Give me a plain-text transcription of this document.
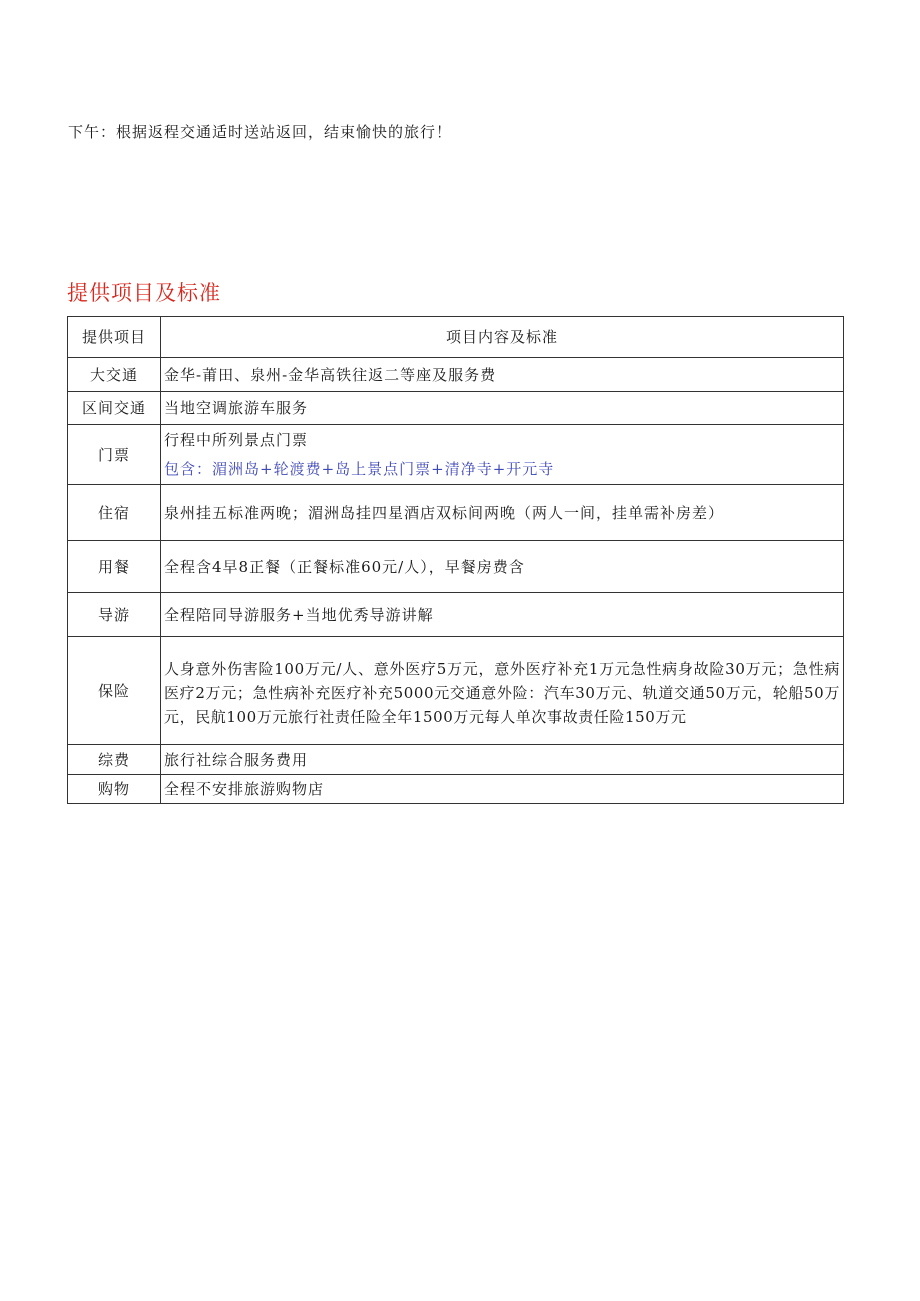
下午：根据返程交通适时送站返回，结束愉快的旅行！
提供项目及标准
提供项目	项目内容及标准
大交通	金华-莆田、泉州-金华高铁往返二等座及服务费
区间交通	当地空调旅游车服务
门票	行程中所列景点门票
包含：湄洲岛+轮渡费+岛上景点门票+清净寺+开元寺

住宿	泉州挂五标准两晚；湄洲岛挂四星酒店双标间两晚（两人一间，挂单需补房差）
用餐	全程含4早8正餐（正餐标准60元/人），早餐房费含
导游	全程陪同导游服务+当地优秀导游讲解
保险	人身意外伤害险100万元/人、意外医疗5万元，意外医疗补充1万元急性病身故险30万元；急性病医疗2万元；急性病补充医疗补充5000元交通意外险：汽车30万元、轨道交通50万元，轮船50万元，民航100万元旅行社责任险全年1500万元每人单次事故责任险150万元

综费	旅行社综合服务费用
购物	全程不安排旅游购物店
